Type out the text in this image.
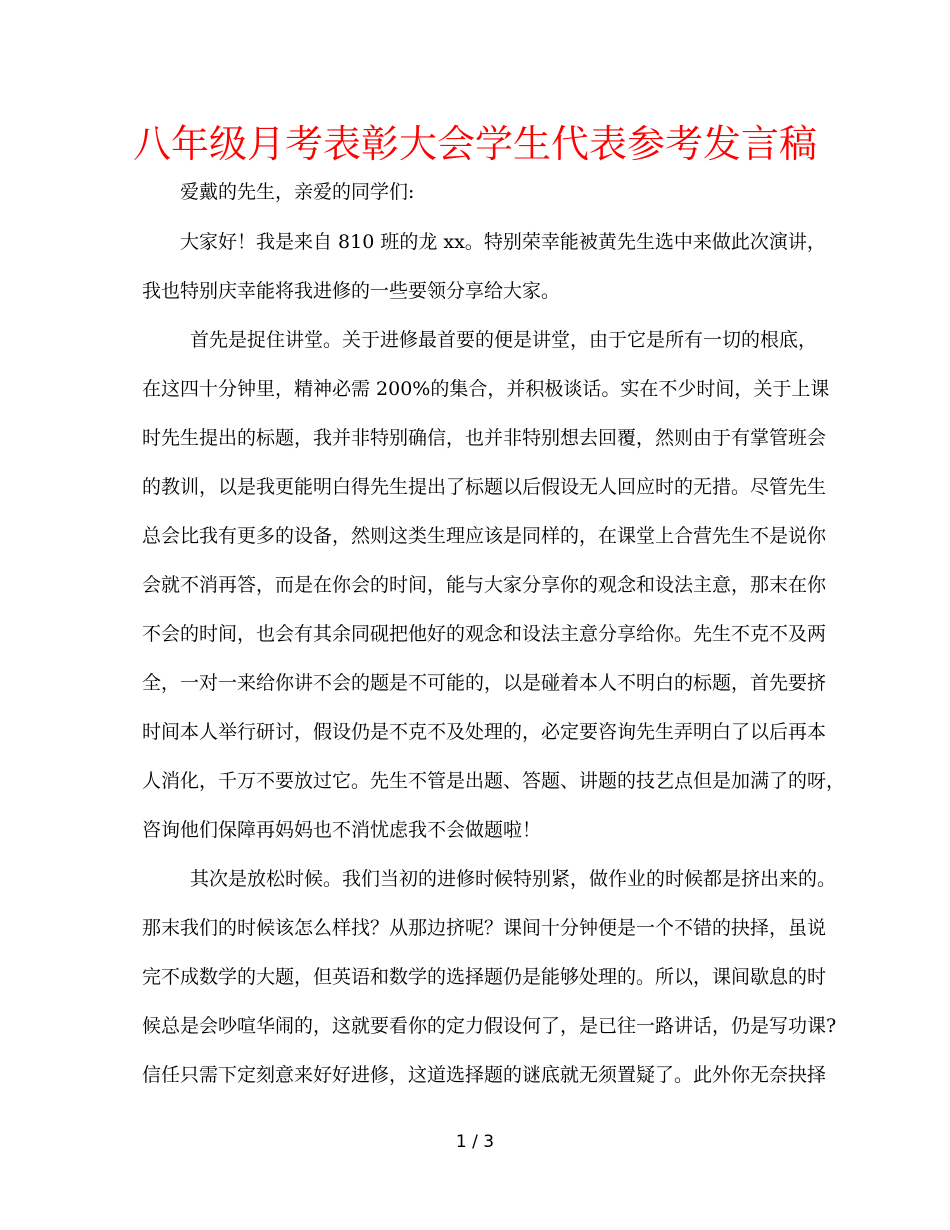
八年级月考表彰大会学生代表参考发言稿
爱戴的先生，亲爱的同学们:
大家好！我是来自 810 班的龙 xx。特别荣幸能被黄先生选中来做此次演讲，
我也特别庆幸能将我进修的一些要领分享给大家。
首先是捉住讲堂。关于进修最首要的便是讲堂，由于它是所有一切的根底，
在这四十分钟里，精神必需 200%的集合，并积极谈话。实在不少时间，关于上课
时先生提出的标题，我并非特别确信，也并非特别想去回覆，然则由于有掌管班会
的教训，以是我更能明白得先生提出了标题以后假设无人回应时的无措。尽管先生
总会比我有更多的设备，然则这类生理应该是同样的，在课堂上合营先生不是说你
会就不消再答，而是在你会的时间，能与大家分享你的观念和设法主意，那末在你
不会的时间，也会有其余同砚把他好的观念和设法主意分享给你。先生不克不及两
全，一对一来给你讲不会的题是不可能的，以是碰着本人不明白的标题，首先要挤
时间本人举行研讨，假设仍是不克不及处理的，必定要咨询先生弄明白了以后再本
人消化，千万不要放过它。先生不管是出题、答题、讲题的技艺点但是加满了的呀，
咨询他们保障再妈妈也不消忧虑我不会做题啦！
其次是放松时候。我们当初的进修时候特别紧，做作业的时候都是挤出来的。
那末我们的时候该怎么样找？从那边挤呢？课间十分钟便是一个不错的抉择，虽说
完不成数学的大题，但英语和数学的选择题仍是能够处理的。所以，课间歇息的时
候总是会吵喧华闹的，这就要看你的定力假设何了，是已往一路讲话，仍是写功课?
信任只需下定刻意来好好进修，这道选择题的谜底就无须置疑了。此外你无奈抉择
1 / 3
